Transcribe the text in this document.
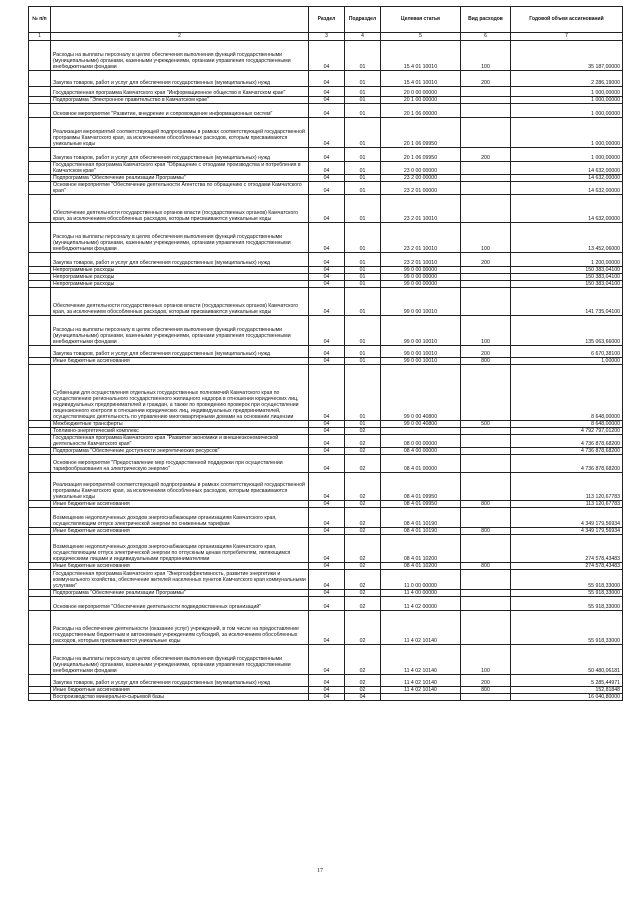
№ п/п		Раздел	Подраздел	Целевая статья	Вид расходов	Годовой объем ассигнований
1	2	3	4	5	6	7
	Расходы на выплаты персоналу в целях обеспечения выполнения функций государственными (муниципальными) органами, казенными учреждениями, органами управления государственными внебюджетными фондами	04	01	15 4 01 10010	100	35 187,00000
	Закупка товаров, работ и услуг для обеспечения государственных (муниципальных) нужд	04	01	15 4 01 10010	200	2 286,19000
	Государственная программа Камчатского края "Информационное общество в Камчатском крае"	04	01	20 0 00 00000		1 000,00000
	Подпрограмма "Электронное правительство в Камчатском крае"	04	01	20 1 00 00000		1 000,00000
	Основное мероприятие "Развитие, внедрение и сопровождение информационных систем"	04	01	20 1 06 00000		1 000,00000
	Реализация мероприятий соответствующей подпрограммы в рамках соответствующей государственной программы Камчатского края, за исключением обособленных расходов, которым присваиваются уникальные коды	04	01	20 1 06 09950		1 000,00000
	Закупка товаров, работ и услуг для обеспечения государственных (муниципальных) нужд	04	01	20 1 06 09950	200	1 000,00000
	Государственная программа Камчатского края "Обращение с отходами производства и потребления в Камчатском крае"	04	01	23 0 00 00000		14 632,00000
	Подпрограмма "Обеспечение реализации Программы"	04	01	23 2 00 00000		14 632,00000
	Основное мероприятие "Обеспечение деятельности Агентства по обращению с отходами Камчатского края"	04	01	23 2 01 00000		14 632,00000
	Обеспечение деятельности государственных органов власти (государственных органов) Камчатского края, за исключением обособленных расходов, которым присваиваются уникальные коды	04	01	23 2 01 10010		14 632,00000
	Расходы на выплаты персоналу в целях обеспечения выполнения функций государственными (муниципальными) органами, казенными учреждениями, органами управления государственными внебюджетными фондами	04	01	23 2 01 10010	100	13 452,06000
	Закупка товаров, работ и услуг для обеспечения государственных (муниципальных) нужд	04	01	23 2 01 10010	200	1 200,00000
	Непрограммные расходы	04	01	99 0 00 00000		150 383,04100
	Непрограммные расходы	04	01	99 0 00 00000		150 383,04100
	Непрограммные расходы	04	01	99 0 00 00000		150 383,04100
	Обеспечение деятельности государственных органов власти (государственных органов) Камчатского края, за исключением обособленных расходов, которым присваиваются уникальные коды	04	01	99 0 00 10010		141 735,04100
	Расходы на выплаты персоналу в целях обеспечения выполнения функций государственными (муниципальными) органами, казенными учреждениями, органами управления государственными внебюджетными фондами	04	01	99 0 00 10010	100	135 063,66000
	Закупка товаров, работ и услуг для обеспечения государственных (муниципальных) нужд	04	01	99 0 00 10010	200	6 670,38100
	Иные бюджетные ассигнования	04	01	99 0 00 10010	800	1,00000
	Субвенции для осуществления отдельных государственных полномочий Камчатского края по осуществлению регионального государственного жилищного надзора в отношении юридических лиц, индивидуальных предпринимателей и граждан, а также по проведению проверок при осуществлении лицензионного контроля в отношении юридических лиц, индивидуальных предпринимателей, осуществляющих деятельность по управлению многоквартирными домами на основании лицензии	04	01	99 0 00 40800		8 648,00000
	Межбюджетные трансферты	04	01	99 0 00 40800	500	8 648,00000
	Топливно-энергетический комплекс	04	02			4 792 797,01200
	Государственная программа Камчатского края "Развитие экономики и внешнеэкономической деятельности Камчатского края"	04	02	08 0 00 00000		4 736 878,68200
	Подпрограмма "Обеспечение доступности энергетических ресурсов"	04	02	08 4 00 00000		4 736 878,68200
	Основное мероприятие "Предоставление мер государственной поддержки при осуществлении тарифообразования на электрическую энергию"	04	02	08 4 01 00000		4 736 878,68200
	Реализация мероприятий соответствующей подпрограммы в рамках соответствующей государственной программы Камчатского края, за исключением обособленных расходов, которым присваиваются уникальные коды	04	02	08 4 01 09950		113 120,67783
	Иные бюджетные ассигнования	04	02	08 4 01 09950	800	113 120,67783
	Возмещение недополученных доходов энергоснабжающим организациям Камчатского края, осуществляющим отпуск электрической энергии по сниженным тарифам	04	02	08 4 01 10190		4 349 179,56934
	Иные бюджетные ассигнования	04	02	08 4 01 10190	800	4 349 179,56934
	Возмещение недополученных доходов энергоснабжающим организациям Камчатского края, осуществляющим отпуск электрической энергии по отпускным ценам потребителям, являющимся юридическими лицами и индивидуальными предпринимателями	04	02	08 4 01 10200		274 578,43483
	Иные бюджетные ассигнования	04	02	08 4 01 10200	800	274 578,43483
	Государственная программа Камчатского края "Энергоэффективность, развитие энергетики и коммунального хозяйства, обеспечение жителей населенных пунктов Камчатского края коммунальными услугами"	04	02	11 0 00 00000		55 918,33000
	Подпрограмма "Обеспечение реализации Программы"	04	02	11 4 00 00000		55 918,33000
	Основное мероприятие "Обеспечение деятельности подведомственных организаций"	04	02	11 4 02 00000		55 918,33000
	Расходы на обеспечение деятельности (оказание услуг) учреждений, в том числе на предоставление государственным бюджетным и автономным учреждениям субсидий, за исключением обособленных расходов, которым присваиваются уникальные коды	04	02	11 4 02 10140		55 918,33000
	Расходы на выплаты персоналу в целях обеспечения выполнения функций государственными (муниципальными) органами, казенными учреждениями, органами управления государственными внебюджетными фондами	04	02	11 4 02 10140	100	50 480,06181
	Закупка товаров, работ и услуг для обеспечения государственных (муниципальных) нужд	04	02	11 4 02 10140	200	5 285,44971
	Иные бюджетные ассигнования	04	02	11 4 02 10140	800	152,81848
	Воспроизводство минерально-сырьевой базы	04	04			16 040,80000
17
